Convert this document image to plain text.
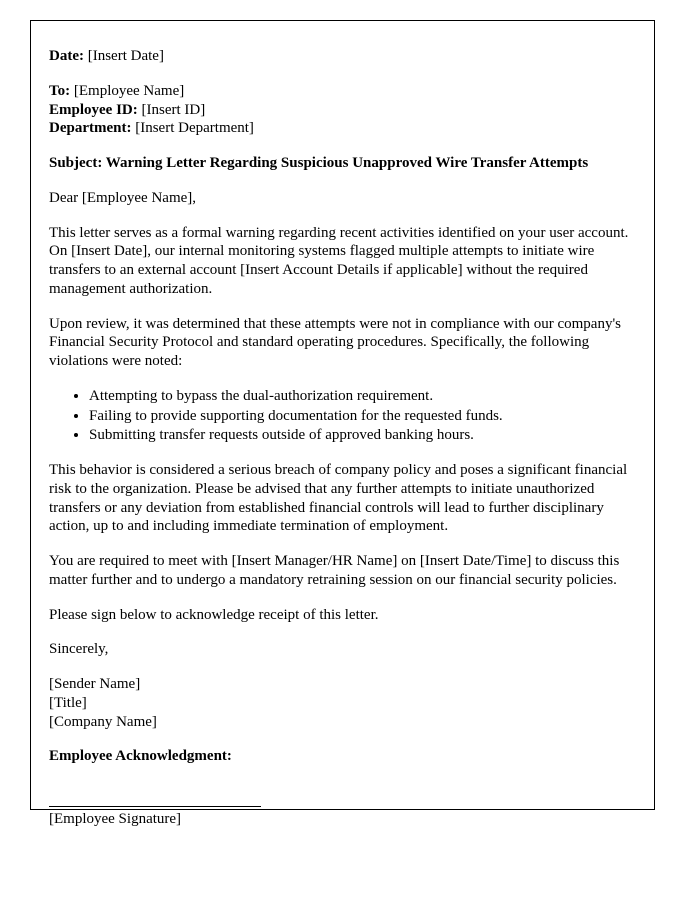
Date: [Insert Date]

To: [Employee Name]

Employee ID: [Insert ID]

Department: [Insert Department]

Subject: Warning Letter Regarding Suspicious Unapproved Wire Transfer Attempts

Dear [Employee Name],

This letter serves as a formal warning regarding recent activities identified on your user account. On [Insert Date], our internal monitoring systems flagged multiple attempts to initiate wire transfers to an external account [Insert Account Details if applicable] without the required management authorization.

Upon review, it was determined that these attempts were not in compliance with our company's Financial Security Protocol and standard operating procedures. Specifically, the following violations were noted:

• Attempting to bypass the dual-authorization requirement.
• Failing to provide supporting documentation for the requested funds.
• Submitting transfer requests outside of approved banking hours.

This behavior is considered a serious breach of company policy and poses a significant financial risk to the organization. Please be advised that any further attempts to initiate unauthorized transfers or any deviation from established financial controls will lead to further disciplinary action, up to and including immediate termination of employment.

You are required to meet with [Insert Manager/HR Name] on [Insert Date/Time] to discuss this matter further and to undergo a mandatory retraining session on our financial security policies.

Please sign below to acknowledge receipt of this letter.

Sincerely,

[Sender Name]

[Title]

[Company Name]

Employee Acknowledgment:

[Employee Signature]
